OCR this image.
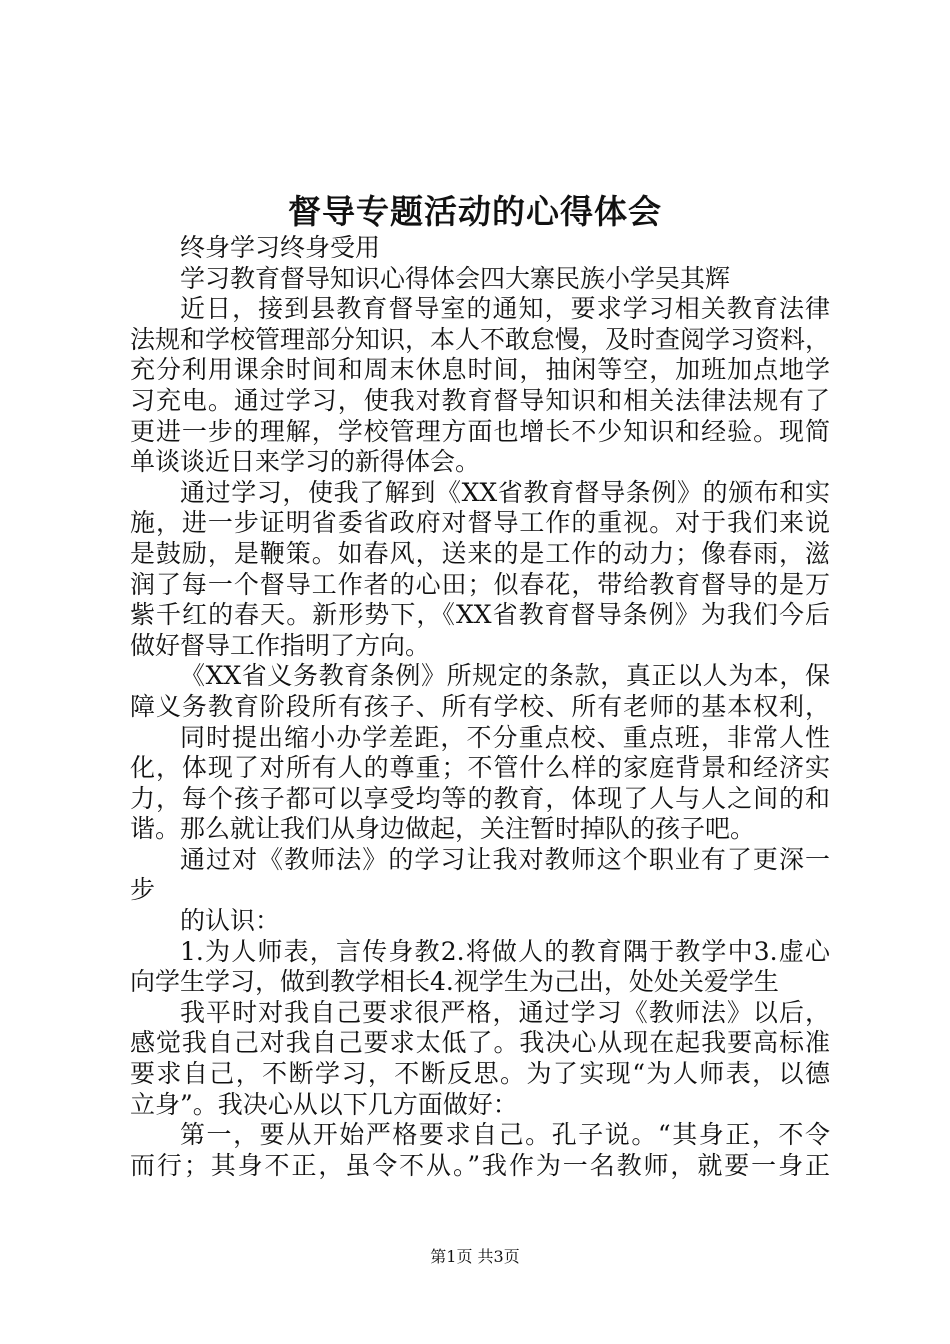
督导专题活动的心得体会
终身学习终身受用
学习教育督导知识心得体会四大寨民族小学吴其辉
近日，接到县教育督导室的通知，要求学习相关教育法律
法规和学校管理部分知识，本人不敢怠慢，及时查阅学习资料，
充分利用课余时间和周末休息时间，抽闲等空，加班加点地学
习充电。通过学习，使我对教育督导知识和相关法律法规有了
更进一步的理解，学校管理方面也增长不少知识和经验。现简
单谈谈近日来学习的新得体会。
通过学习，使我了解到《XX省教育督导条例》的颁布和实
施，进一步证明省委省政府对督导工作的重视。对于我们来说
是鼓励，是鞭策。如春风，送来的是工作的动力；像春雨，滋
润了每一个督导工作者的心田；似春花，带给教育督导的是万
紫千红的春天。新形势下，《XX省教育督导条例》为我们今后
做好督导工作指明了方向。
《XX省义务教育条例》所规定的条款，真正以人为本，保
障义务教育阶段所有孩子、所有学校、所有老师的基本权利，
同时提出缩小办学差距，不分重点校、重点班，非常人性
化，体现了对所有人的尊重；不管什么样的家庭背景和经济实
力，每个孩子都可以享受均等的教育，体现了人与人之间的和
谐。那么就让我们从身边做起，关注暂时掉队的孩子吧。
通过对《教师法》的学习让我对教师这个职业有了更深一
步
的认识：
1.为人师表，言传身教2.将做人的教育隅于教学中3.虚心
向学生学习，做到教学相长4.视学生为己出，处处关爱学生
我平时对我自己要求很严格，通过学习《教师法》以后，
感觉我自己对我自己要求太低了。我决心从现在起我要高标准
要求自己，不断学习，不断反思。为了实现“为人师表，以德
立身”。我决心从以下几方面做好：
第一，要从开始严格要求自己。孔子说。“其身正，不令
而行；其身不正，虽令不从。”我作为一名教师，就要一身正
第1页 共3页
